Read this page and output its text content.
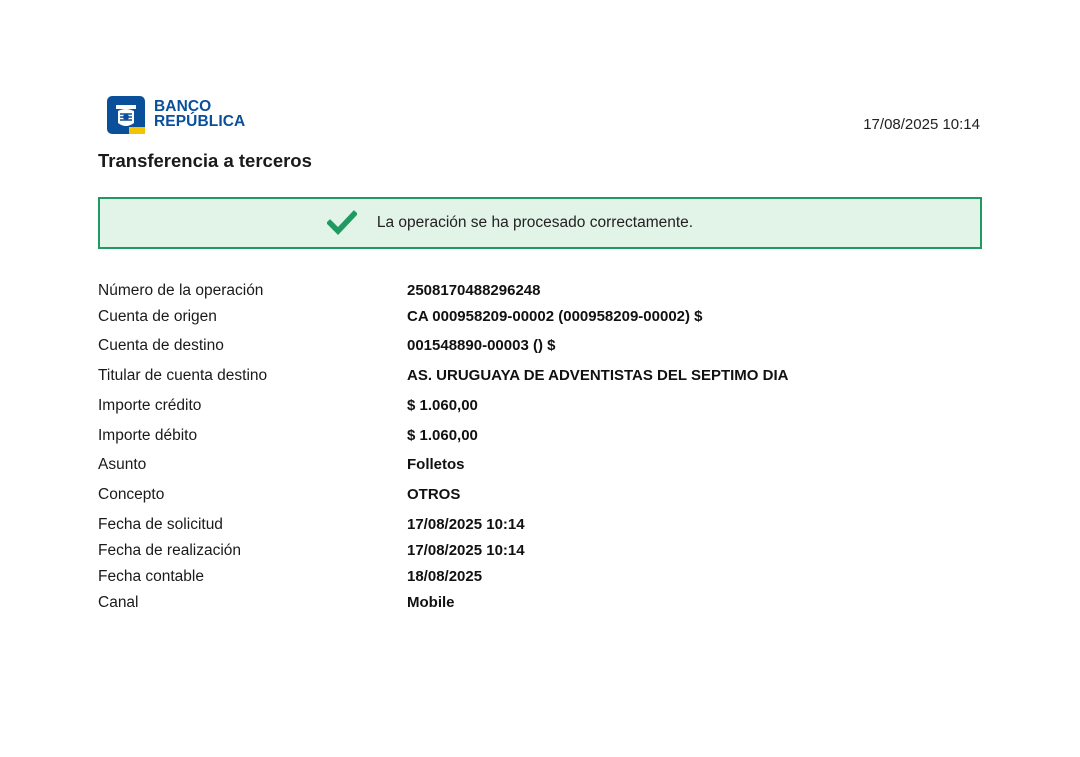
BANCO
REPÚBLICA	17/08/2025 10:14
Transferencia a terceros
La operación se ha procesado correctamente.
Número de la operación	2508170488296248
Cuenta de origen	CA 000958209-00002 (000958209-00002) $
Cuenta de destino	001548890-00003 () $
Titular de cuenta destino	AS. URUGUAYA DE ADVENTISTAS DEL SEPTIMO DIA
Importe crédito	$ 1.060,00
Importe débito	$ 1.060,00
Asunto	Folletos
Concepto	OTROS
Fecha de solicitud	17/08/2025 10:14
Fecha de realización	17/08/2025 10:14
Fecha contable	18/08/2025
Canal	Mobile
